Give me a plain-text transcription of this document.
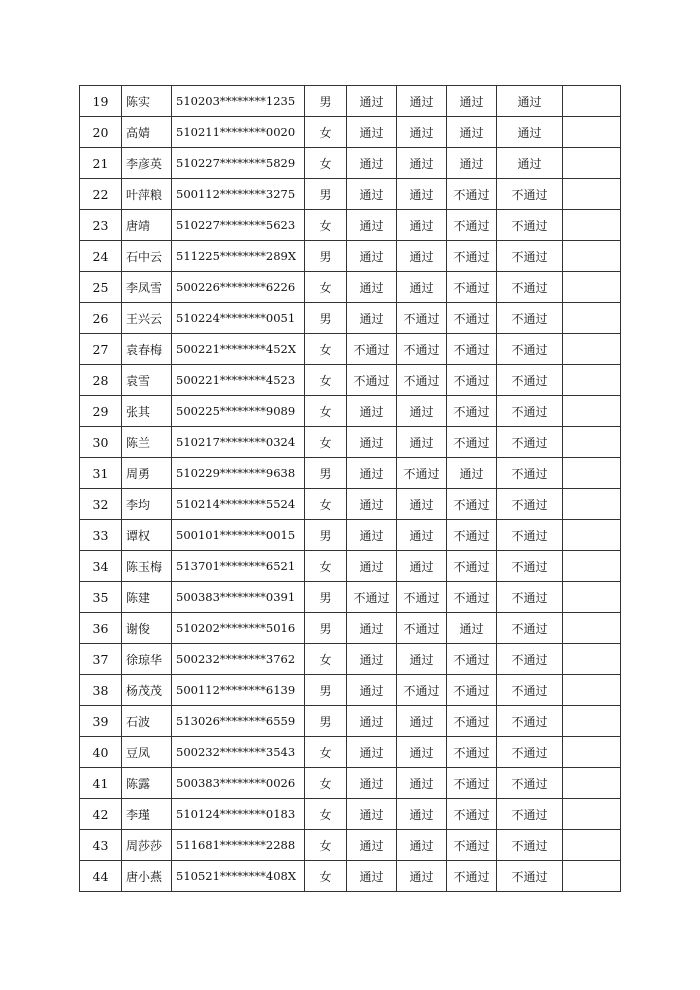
19	陈实	510203********1235	男	通过	通过	通过	通过	
20	高婧	510211********0020	女	通过	通过	通过	通过	
21	李彦英	510227********5829	女	通过	通过	通过	通过	
22	叶萍粮	500112********3275	男	通过	通过	不通过	不通过	
23	唐靖	510227********5623	女	通过	通过	不通过	不通过	
24	石中云	511225********289X	男	通过	通过	不通过	不通过	
25	李凤雪	500226********6226	女	通过	通过	不通过	不通过	
26	王兴云	510224********0051	男	通过	不通过	不通过	不通过	
27	袁春梅	500221********452X	女	不通过	不通过	不通过	不通过	
28	袁雪	500221********4523	女	不通过	不通过	不通过	不通过	
29	张其	500225********9089	女	通过	通过	不通过	不通过	
30	陈兰	510217********0324	女	通过	通过	不通过	不通过	
31	周勇	510229********9638	男	通过	不通过	通过	不通过	
32	李均	510214********5524	女	通过	通过	不通过	不通过	
33	谭权	500101********0015	男	通过	通过	不通过	不通过	
34	陈玉梅	513701********6521	女	通过	通过	不通过	不通过	
35	陈建	500383********0391	男	不通过	不通过	不通过	不通过	
36	谢俊	510202********5016	男	通过	不通过	通过	不通过	
37	徐琼华	500232********3762	女	通过	通过	不通过	不通过	
38	杨茂茂	500112********6139	男	通过	不通过	不通过	不通过	
39	石波	513026********6559	男	通过	通过	不通过	不通过	
40	豆凤	500232********3543	女	通过	通过	不通过	不通过	
41	陈露	500383********0026	女	通过	通过	不通过	不通过	
42	李瑾	510124********0183	女	通过	通过	不通过	不通过	
43	周莎莎	511681********2288	女	通过	通过	不通过	不通过	
44	唐小燕	510521********408X	女	通过	通过	不通过	不通过	
